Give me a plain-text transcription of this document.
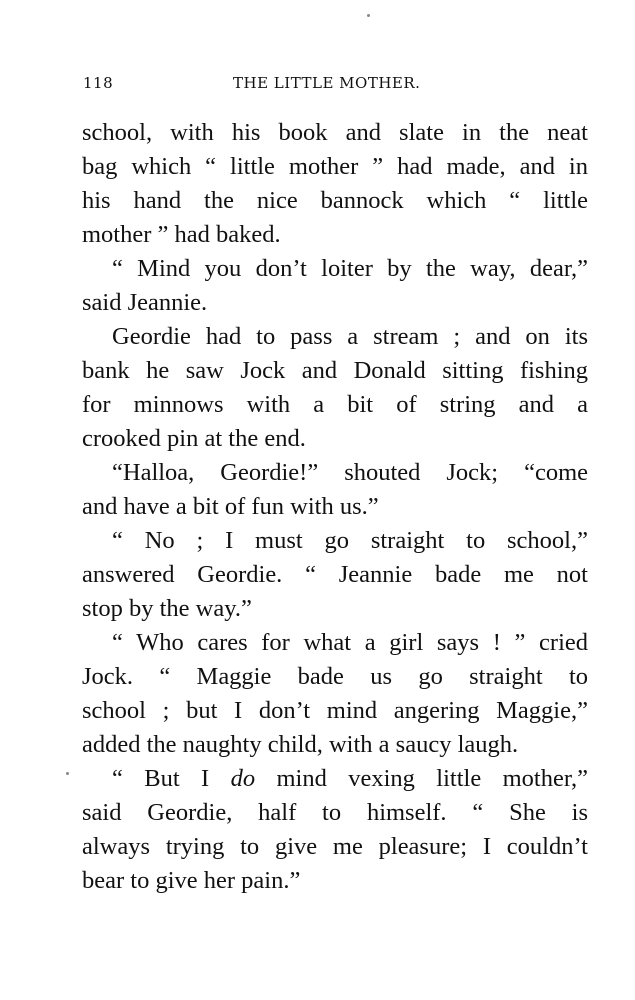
118	THE LITTLE MOTHER.
school, with his book and slate in the neat
bag which “ little mother ” had made, and in
his hand the nice bannock which “ little
mother ” had baked.
“ Mind you don’t loiter by the way, dear,”
said Jeannie.
Geordie had to pass a stream ; and on its
bank he saw Jock and Donald sitting fishing
for minnows with a bit of string and a
crooked pin at the end.
“Halloa, Geordie!” shouted Jock; “come
and have a bit of fun with us.”
“ No ; I must go straight to school,”
answered Geordie. “ Jeannie bade me not
stop by the way.”
“ Who cares for what a girl says ! ” cried
Jock. “ Maggie bade us go straight to
school ; but I don’t mind angering Maggie,”
added the naughty child, with a saucy laugh.
“ But I do mind vexing little mother,”
said Geordie, half to himself. “ She is
always trying to give me pleasure; I couldn’t
bear to give her pain.”
